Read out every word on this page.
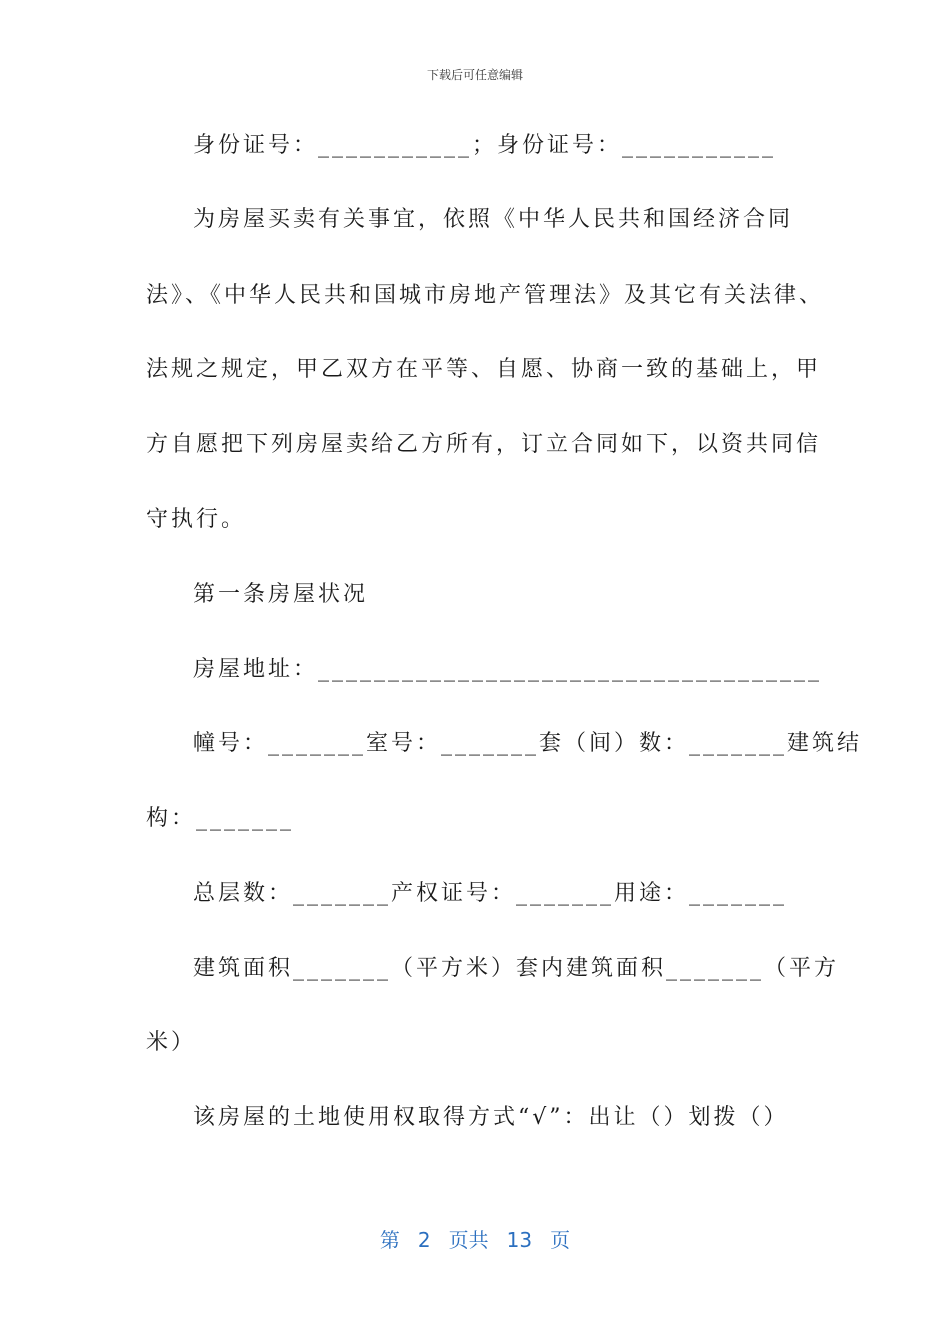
下载后可任意编辑
身份证号：___________；身份证号：___________
为房屋买卖有关事宜，依照《中华人民共和国经济合同
法》、《中华人民共和国城市房地产管理法》及其它有关法律、
法规之规定，甲乙双方在平等、自愿、协商一致的基础上，甲
方自愿把下列房屋卖给乙方所有，订立合同如下，以资共同信
守执行。
第一条房屋状况
房屋地址：____________________________________
幢号：_______室号：_______套（间）数：_______建筑结
构：_______
总层数：_______产权证号：_______用途：_______
建筑面积_______（平方米）套内建筑面积_______（平方
米）
该房屋的土地使用权取得方式“√”：出让（）划拨（）
第 2 页共 13 页
